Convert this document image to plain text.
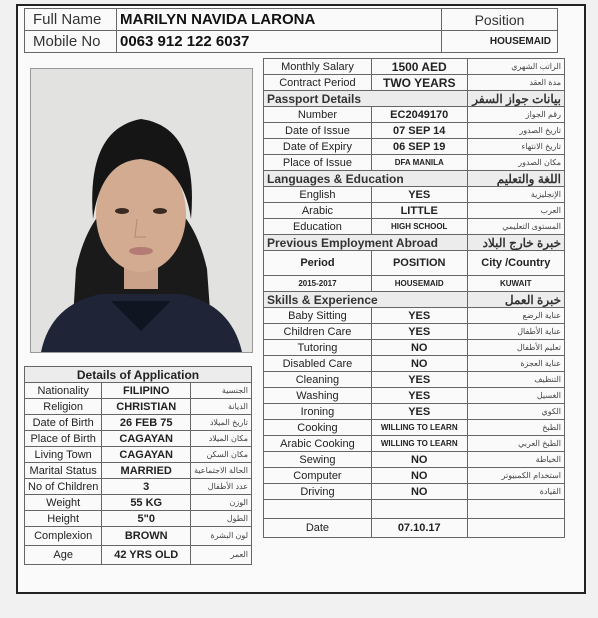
Full Name	MARILYN NAVIDA LARONA	Position
Mobile No	0063 912 122 6037	HOUSEMAID
Monthly Salary	1500 AED	الراتب الشهري
Contract Period	TWO YEARS	مدة العقد
Passport Details		بيانات جواز السفر
Number	EC2049170	رقم الجواز
Date of Issue	07 SEP 14	تاريخ الصدور
Date of Expiry	06 SEP 19	تاريخ الانتهاء
Place of Issue	DFA MANILA	مكان الصدور
Languages & Education		اللغة والتعليم
English	YES	الإنجليزية
Arabic	LITTLE	العرب
Education	HIGH SCHOOL	المستوى التعليمي
Previous Employment Abroad		خبرة خارج البلاد
Period	POSITION	City /Country
2015-2017	HOUSEMAID	KUWAIT
Skills & Experience		خبرة العمل
Baby Sitting	YES	عناية الرضع
Children Care	YES	عناية الأطفال
Tutoring	NO	تعليم الأطفال
Disabled Care	NO	عناية العجزة
Cleaning	YES	التنظيف
Washing	YES	الغسيل
Ironing	YES	الكوي
Cooking	WILLING TO LEARN	الطبخ
Arabic Cooking	WILLING TO LEARN	الطبخ العربي
Sewing	NO	الخياطة
Computer	NO	استخدام الكمبيوتر
Driving	NO	القيادة

Date	07.10.17	
Details of Application		
Nationality	FILIPINO	الجنسية
Religion	CHRISTIAN	الديانة
Date of Birth	26 FEB 75	تاريخ الميلاد
Place of Birth	CAGAYAN	مكان الميلاد
Living Town	CAGAYAN	مكان السكن
Marital Status	MARRIED	الحالة الاجتماعية
No of Children	3	عدد الأطفال
Weight	55 KG	الوزن
Height	5"0	الطول
Complexion	BROWN	لون البشرة
Age	42 YRS OLD	العمر
